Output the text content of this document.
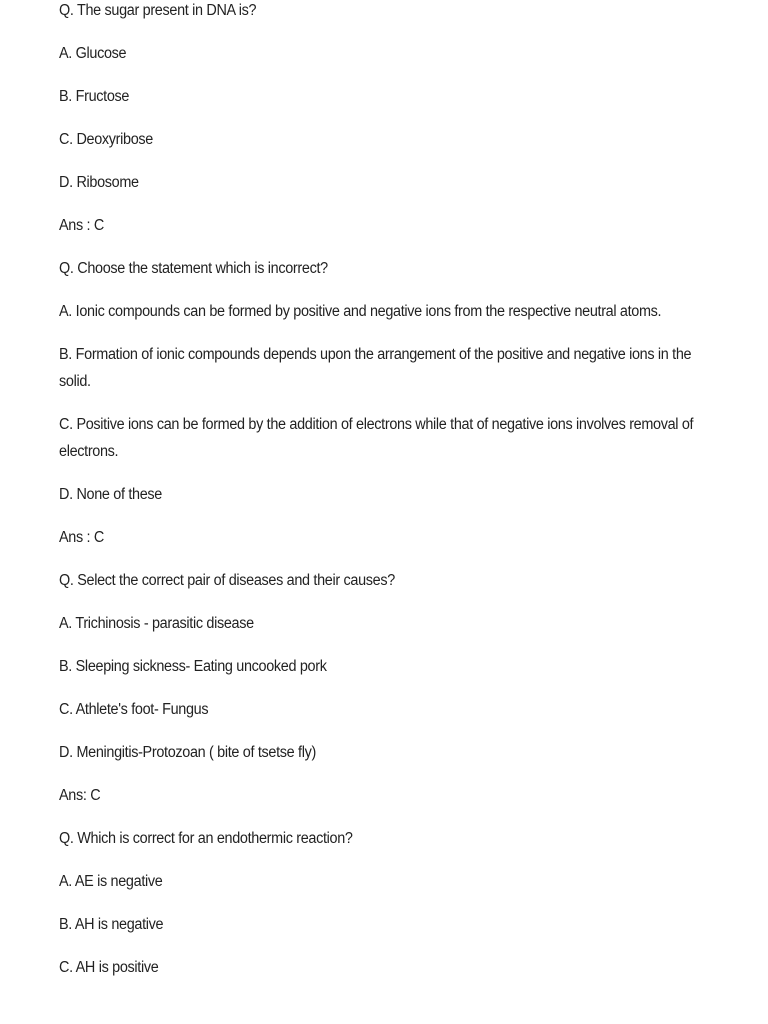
Q. The sugar present in DNA is?

A. Glucose

B. Fructose

C. Deoxyribose

D. Ribosome

Ans : C

Q. Choose the statement which is incorrect?

A. Ionic compounds can be formed by positive and negative ions from the respective neutral atoms.

B. Formation of ionic compounds depends upon the arrangement of the positive and negative ions in the solid.

C. Positive ions can be formed by the addition of electrons while that of negative ions involves removal of electrons.

D. None of these

Ans : C

Q. Select the correct pair of diseases and their causes?

A. Trichinosis - parasitic disease

B. Sleeping sickness- Eating uncooked pork

C. Athlete's foot- Fungus

D. Meningitis-Protozoan ( bite of tsetse fly)

Ans: C

Q. Which is correct for an endothermic reaction?

A. AE is negative

B. AH is negative

C. AH is positive
